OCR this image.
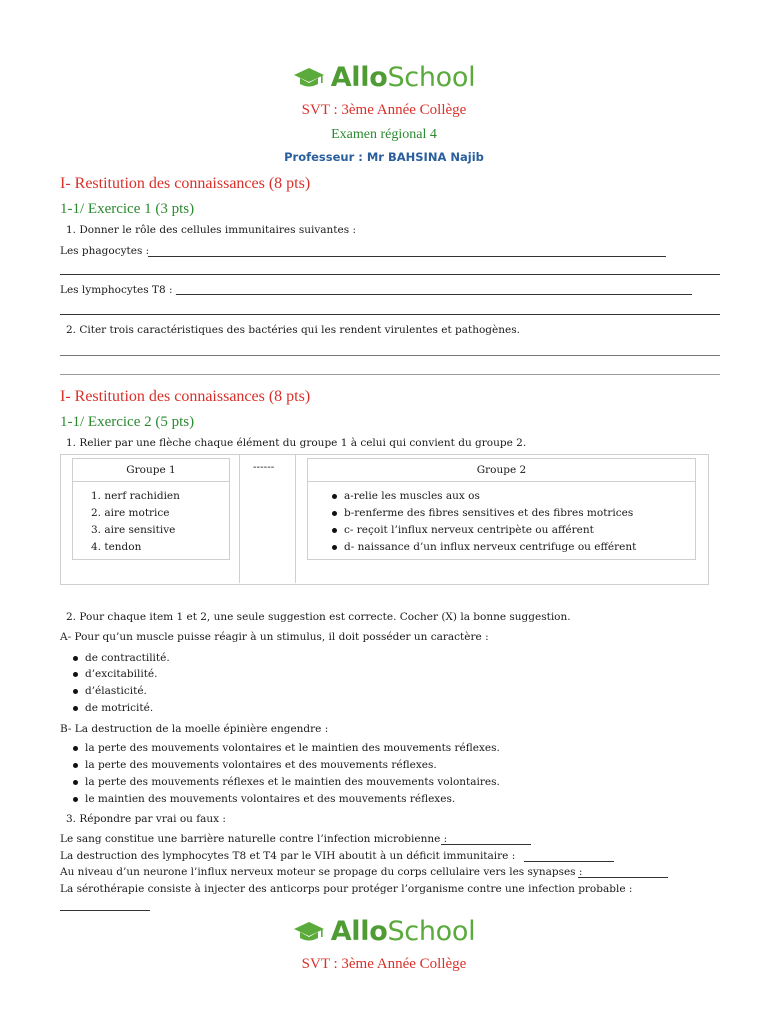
AlloSchool
SVT : 3ème Année Collège
Examen régional 4
Professeur : Mr BAHSINA Najib
I- Restitution des connaissances (8 pts)
1-1/ Exercice 1 (3 pts)
1. Donner le rôle des cellules immunitaires suivantes :
Les phagocytes :
Les lymphocytes T8 :
2. Citer trois caractéristiques des bactéries qui les rendent virulentes et pathogènes.
I- Restitution des connaissances (8 pts)
1-1/ Exercice 2 (5 pts)
1. Relier par une flèche chaque élément du groupe 1 à celui qui convient du groupe 2.
Groupe 1
1. nerf rachidien
2. aire motrice
3. aire sensitive
4. tendon
------	Groupe 2
a-relie les muscles aux os
b-renferme des fibres sensitives et des fibres motrices
c- reçoit l’influx nerveux centripète ou afférent
d- naissance d’un influx nerveux centrifuge ou efférent
2. Pour chaque item 1 et 2, une seule suggestion est correcte. Cocher (X) la bonne suggestion.
A- Pour qu’un muscle puisse réagir à un stimulus, il doit posséder un caractère :
de contractilité.
d’excitabilité.
d’élasticité.
de motricité.
B- La destruction de la moelle épinière engendre :
la perte des mouvements volontaires et le maintien des mouvements réflexes.
la perte des mouvements volontaires et des mouvements réflexes.
la perte des mouvements réflexes et le maintien des mouvements volontaires.
le maintien des mouvements volontaires et des mouvements réflexes.
3. Répondre par vrai ou faux :
Le sang constitue une barrière naturelle contre l’infection microbienne :
La destruction des lymphocytes T8 et T4 par le VIH aboutit à un déficit immunitaire :
Au niveau d’un neurone l’influx nerveux moteur se propage du corps cellulaire vers les synapses :
La sérothérapie consiste à injecter des anticorps pour protéger l’organisme contre une infection probable :
AlloSchool
SVT : 3ème Année Collège
